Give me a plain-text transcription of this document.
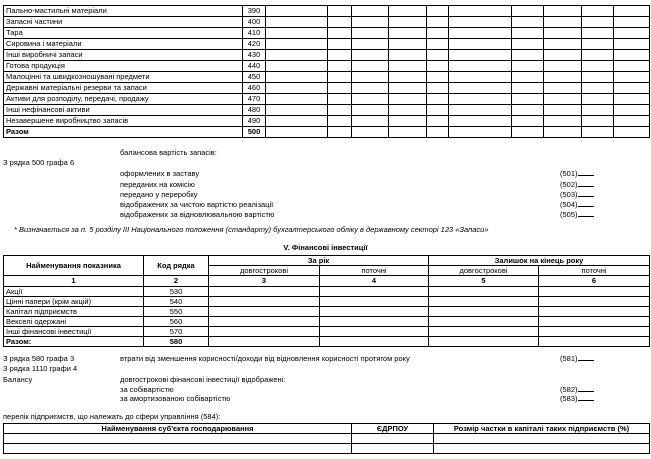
Пально-мастильні матеріали	390										
Запасні частини	400										
Тара	410										
Сировина і матеріали	420										
Інші виробничі запаси	430										
Готова продукція	440										
Малоцінні та швидкозношувані предмети	450										
Державні матеріальні резерви та запаси	460										
Активи для розподілу, передачі, продажу	470										
Інші нефінансові активи	480										
Незавершене виробництво запасів	490										
Разом	500										
балансова вартість запасів:
З рядка 500 графа 6
оформлених в заставу	(501)
переданих на комісію	(502)
передано у переробку	(503)
відображених за чистою вартістю реалізації	(504)
відображених за відновлювальною вартістю	(505)
* Визначається за п. 5 розділу ІІІ Національного положення (стандарту) бухгалтерського обліку в державному секторі 123 «Запаси»
V. Фінансові інвестиції
Найменування показника	Код рядка	За рік		Залишок на кінець року	
		довгострокові	поточні	довгострокові	поточні
1	2	3	4	5	6
Акції	530				
Цінні папери (крім акцій)	540				
Капітал підприємств	550				
Векселі одержані	560				
Інші фінансові інвестиції	570				
Разом:	580				
З рядка 580 графа 3
З рядка 1110 графи 4
Балансу
втрати від зменшення корисності/доходи від відновлення корисності протягом року	(581)
довгострокові фінансові інвестиції відображені:
за собівартістю	(582)
за амортизованою собівартістю	(583)
перелік підприємств, що належать до сфери управління (584):
Найменування суб'єкта господарювання	ЄДРПОУ	Розмір частки в капіталі таких підприємств (%)
